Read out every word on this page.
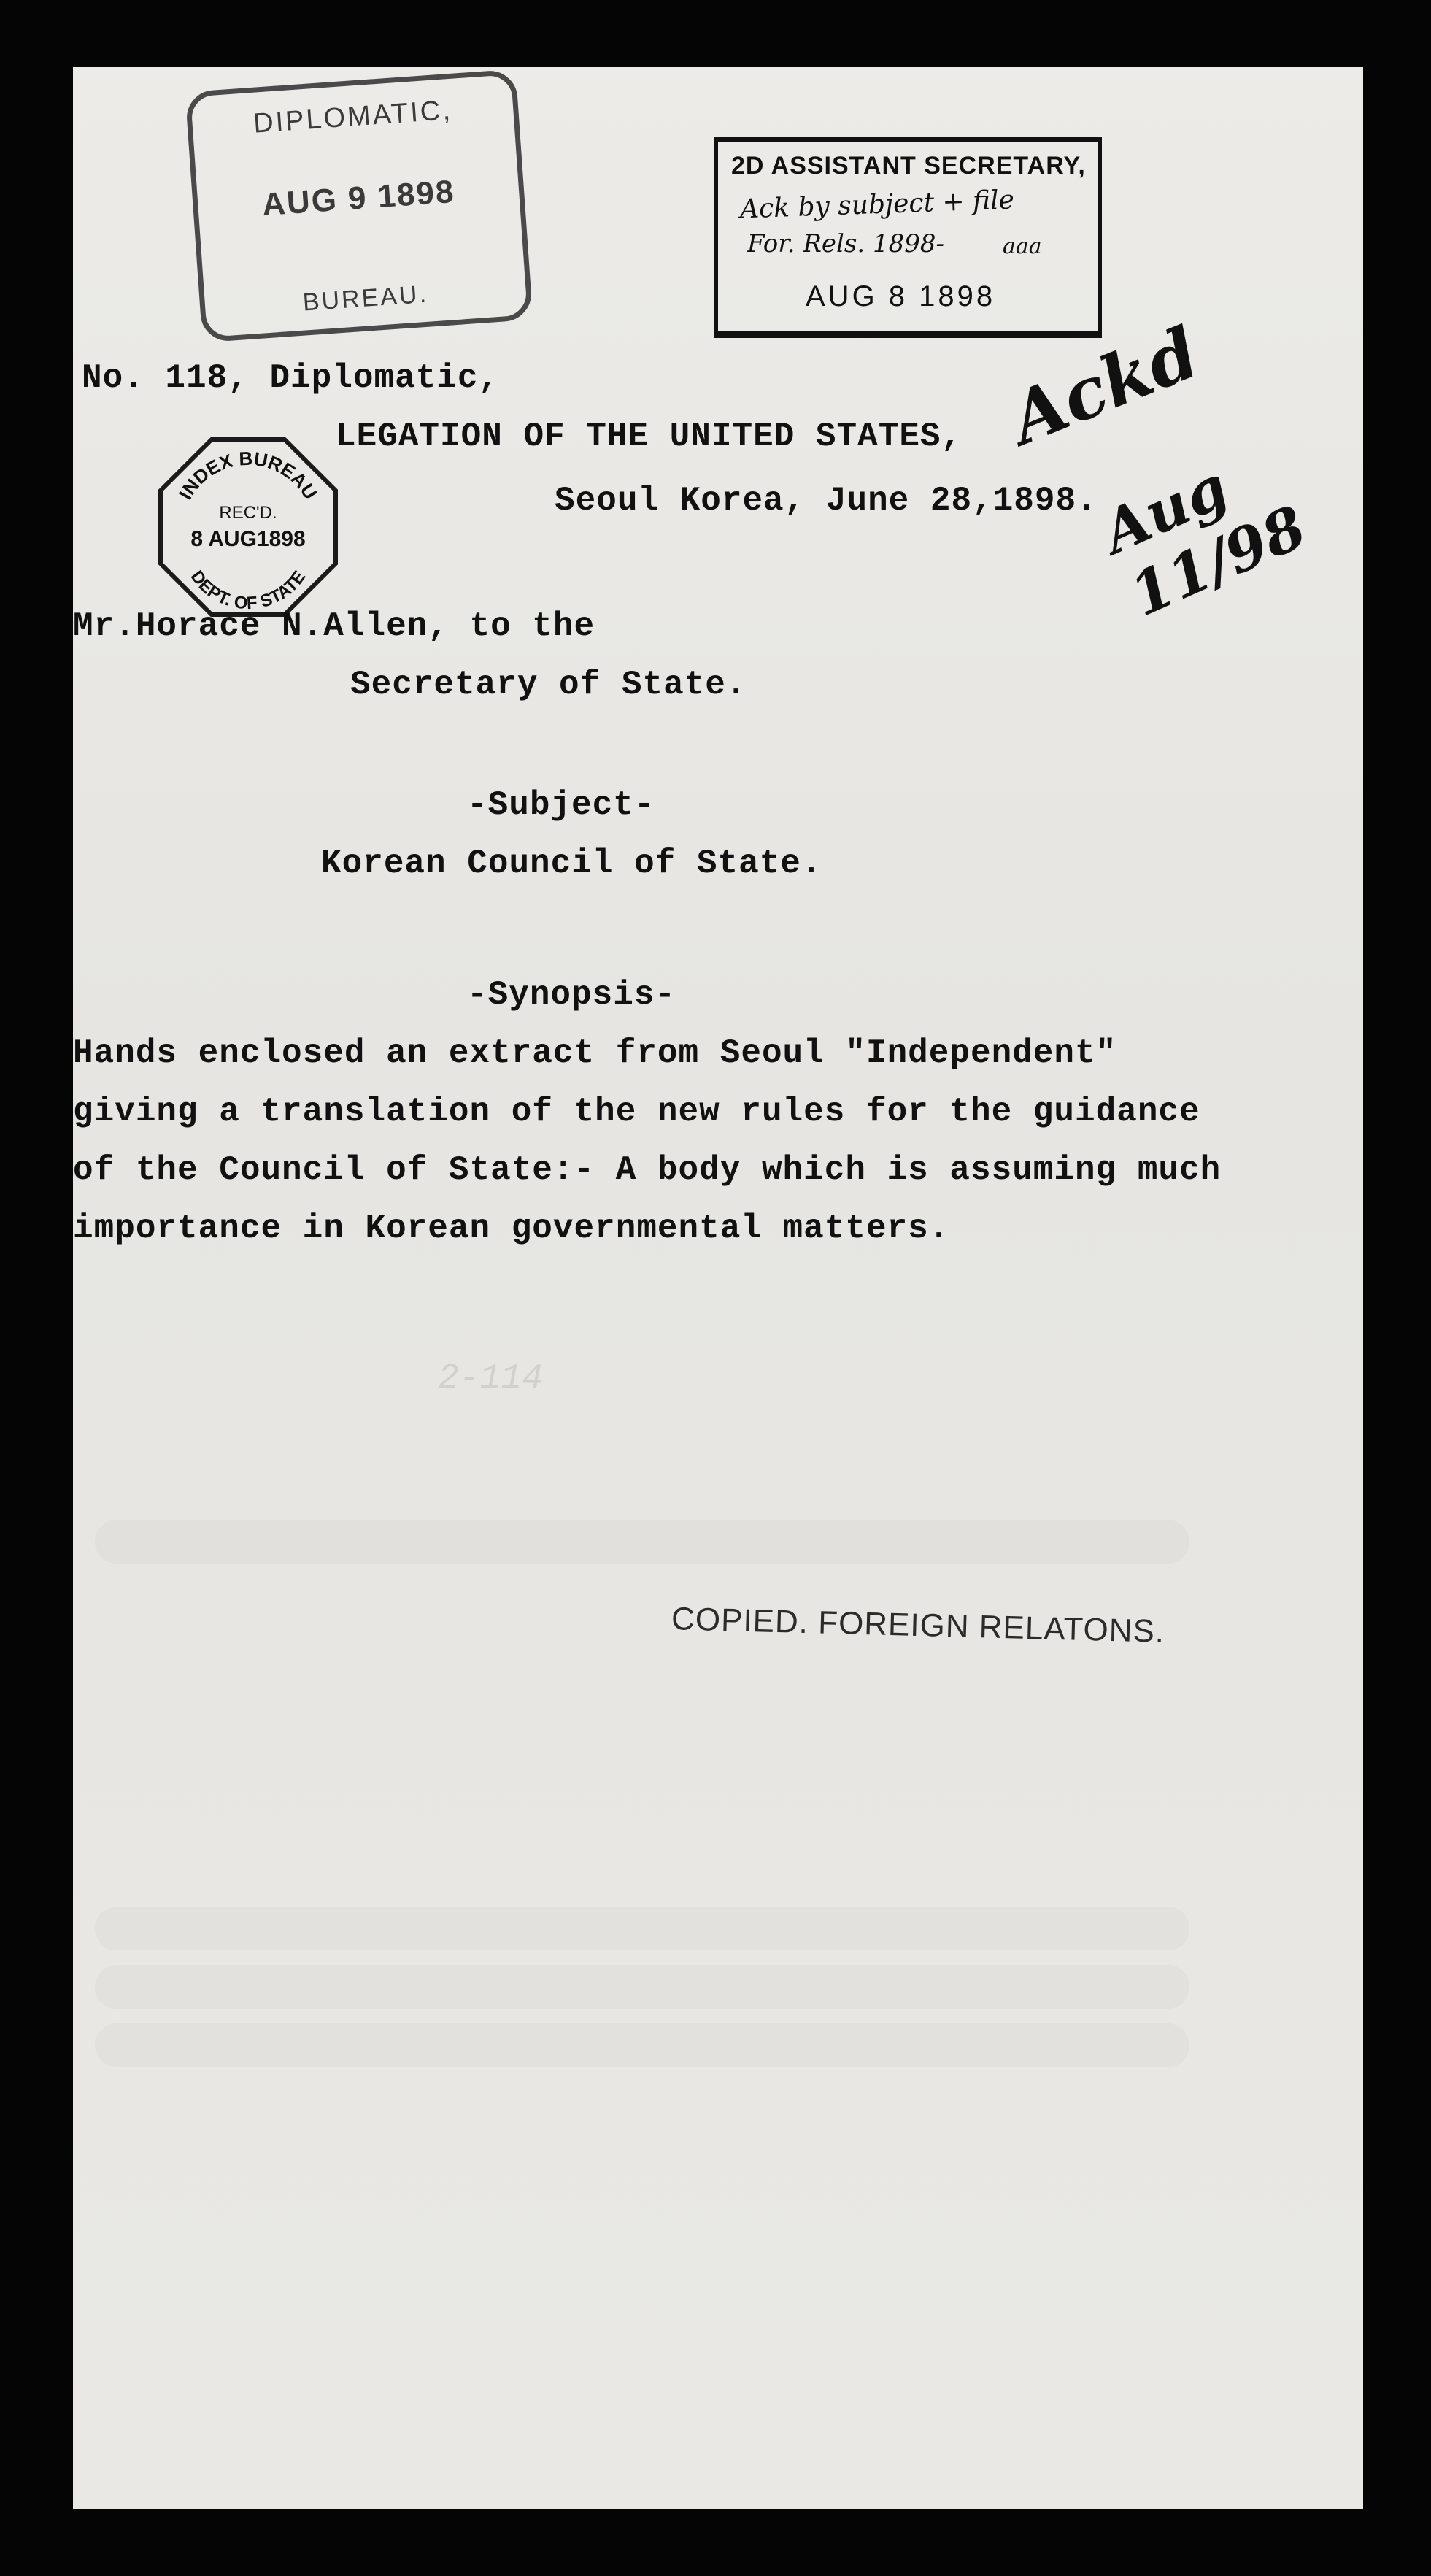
DIPLOMATIC,
AUG 9 1898
BUREAU.
2D ASSISTANT SECRETARY,
Ack by subject + file
For. Rels. 1898-	aaa
AUG 8 1898
Ackd
Aug 11/98
INDEX BUREAU
REC'D.
8 AUG1898
DEPT. OF STATE
No. 118, Diplomatic,
LEGATION OF THE UNITED STATES,
Seoul Korea, June 28,1898.
Mr.Horace N.Allen, to the
Secretary of State.
-Subject-
Korean Council of State.
-Synopsis-
Hands enclosed an extract from Seoul "Independent"
giving a translation of the new rules for the guidance
of the Council of State:- A body which is assuming much
importance in Korean governmental matters.
2-114
COPIED. FOREIGN RELATONS.
